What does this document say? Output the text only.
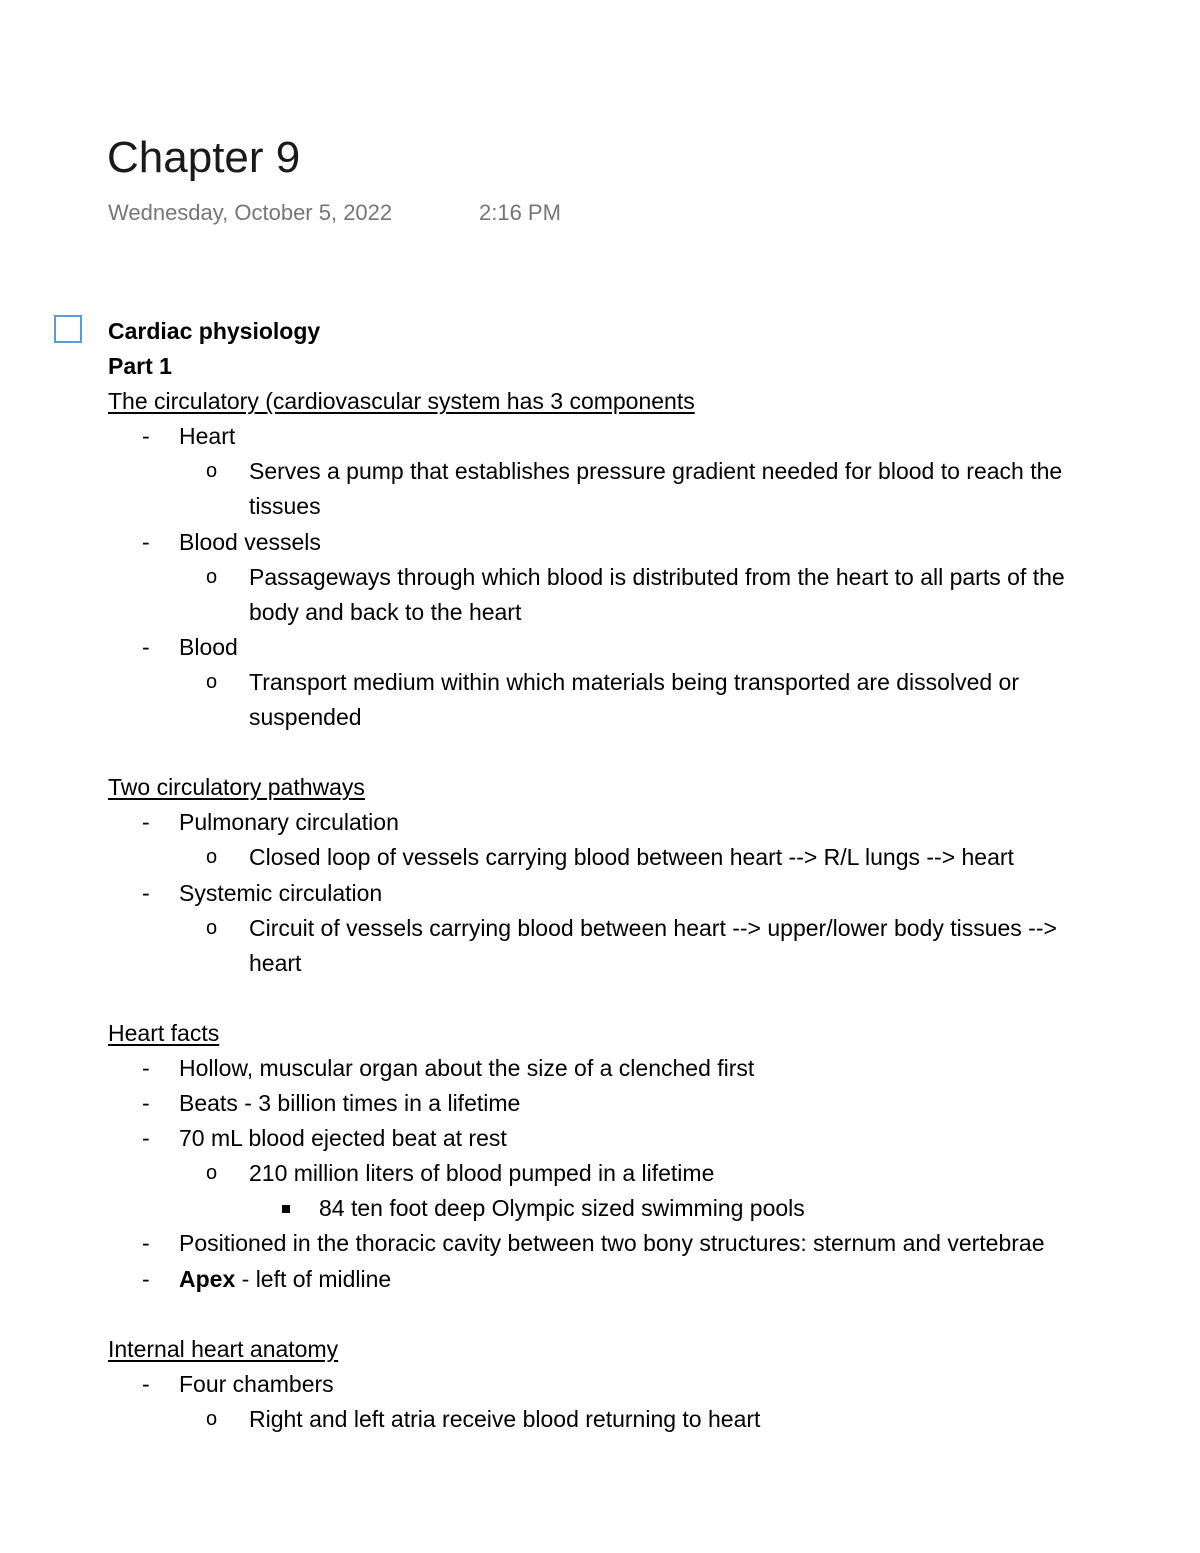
Chapter 9
Wednesday, October 5, 2022	2:16 PM
Cardiac physiology
Part 1
The circulatory (cardiovascular system has 3 components
- Heart
o Serves a pump that establishes pressure gradient needed for blood to reach the
tissues
- Blood vessels
o Passageways through which blood is distributed from the heart to all parts of the
body and back to the heart
- Blood
o Transport medium within which materials being transported are dissolved or
suspended
Two circulatory pathways
- Pulmonary circulation
o Closed loop of vessels carrying blood between heart --> R/L lungs --> heart
- Systemic circulation
o Circuit of vessels carrying blood between heart --> upper/lower body tissues -->
heart
Heart facts
- Hollow, muscular organ about the size of a clenched first
- Beats - 3 billion times in a lifetime
- 70 mL blood ejected beat at rest
o 210 million liters of blood pumped in a lifetime
84 ten foot deep Olympic sized swimming pools
- Positioned in the thoracic cavity between two bony structures: sternum and vertebrae
- Apex - left of midline
Internal heart anatomy
- Four chambers
o Right and left atria receive blood returning to heart
